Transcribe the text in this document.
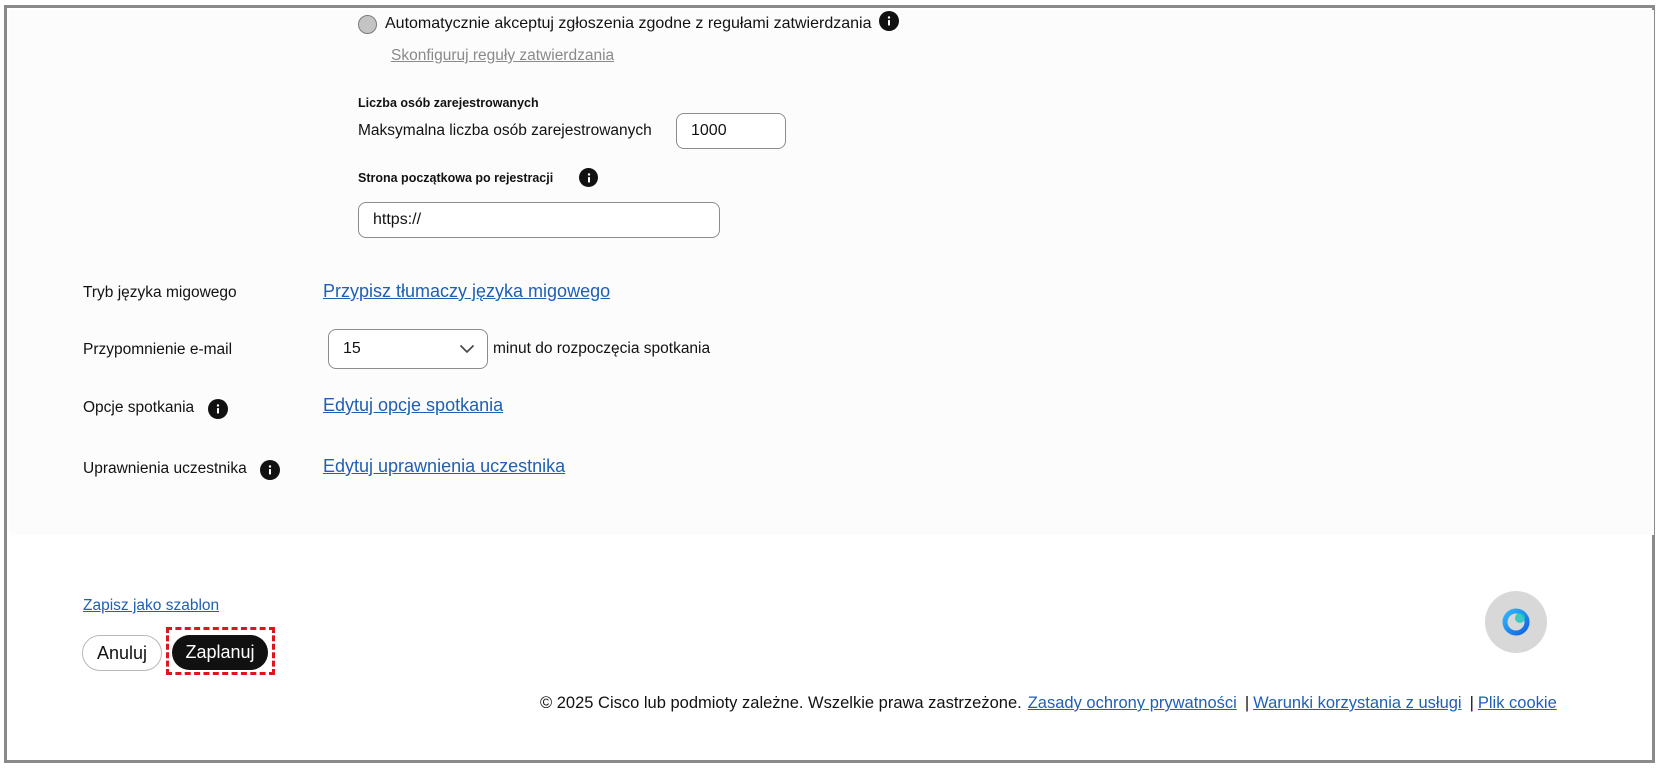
Automatycznie akceptuj zgłoszenia zgodne z regułami zatwierdzania
Skonfiguruj reguły zatwierdzania
Liczba osób zarejestrowanych
Maksymalna liczba osób zarejestrowanych
1000
Strona początkowa po rejestracji
https://
Tryb języka migowego	Przypisz tłumaczy języka migowego
Przypomnienie e-mail	15	minut do rozpoczęcia spotkania
Opcje spotkania	Edytuj opcje spotkania
Uprawnienia uczestnika	Edytuj uprawnienia uczestnika
Zapisz jako szablon
Anuluj	Zaplanuj
© 2025 Cisco lub podmioty zależne. Wszelkie prawa zastrzeżone. Zasady ochrony prywatności | Warunki korzystania z usługi | Plik cookie
